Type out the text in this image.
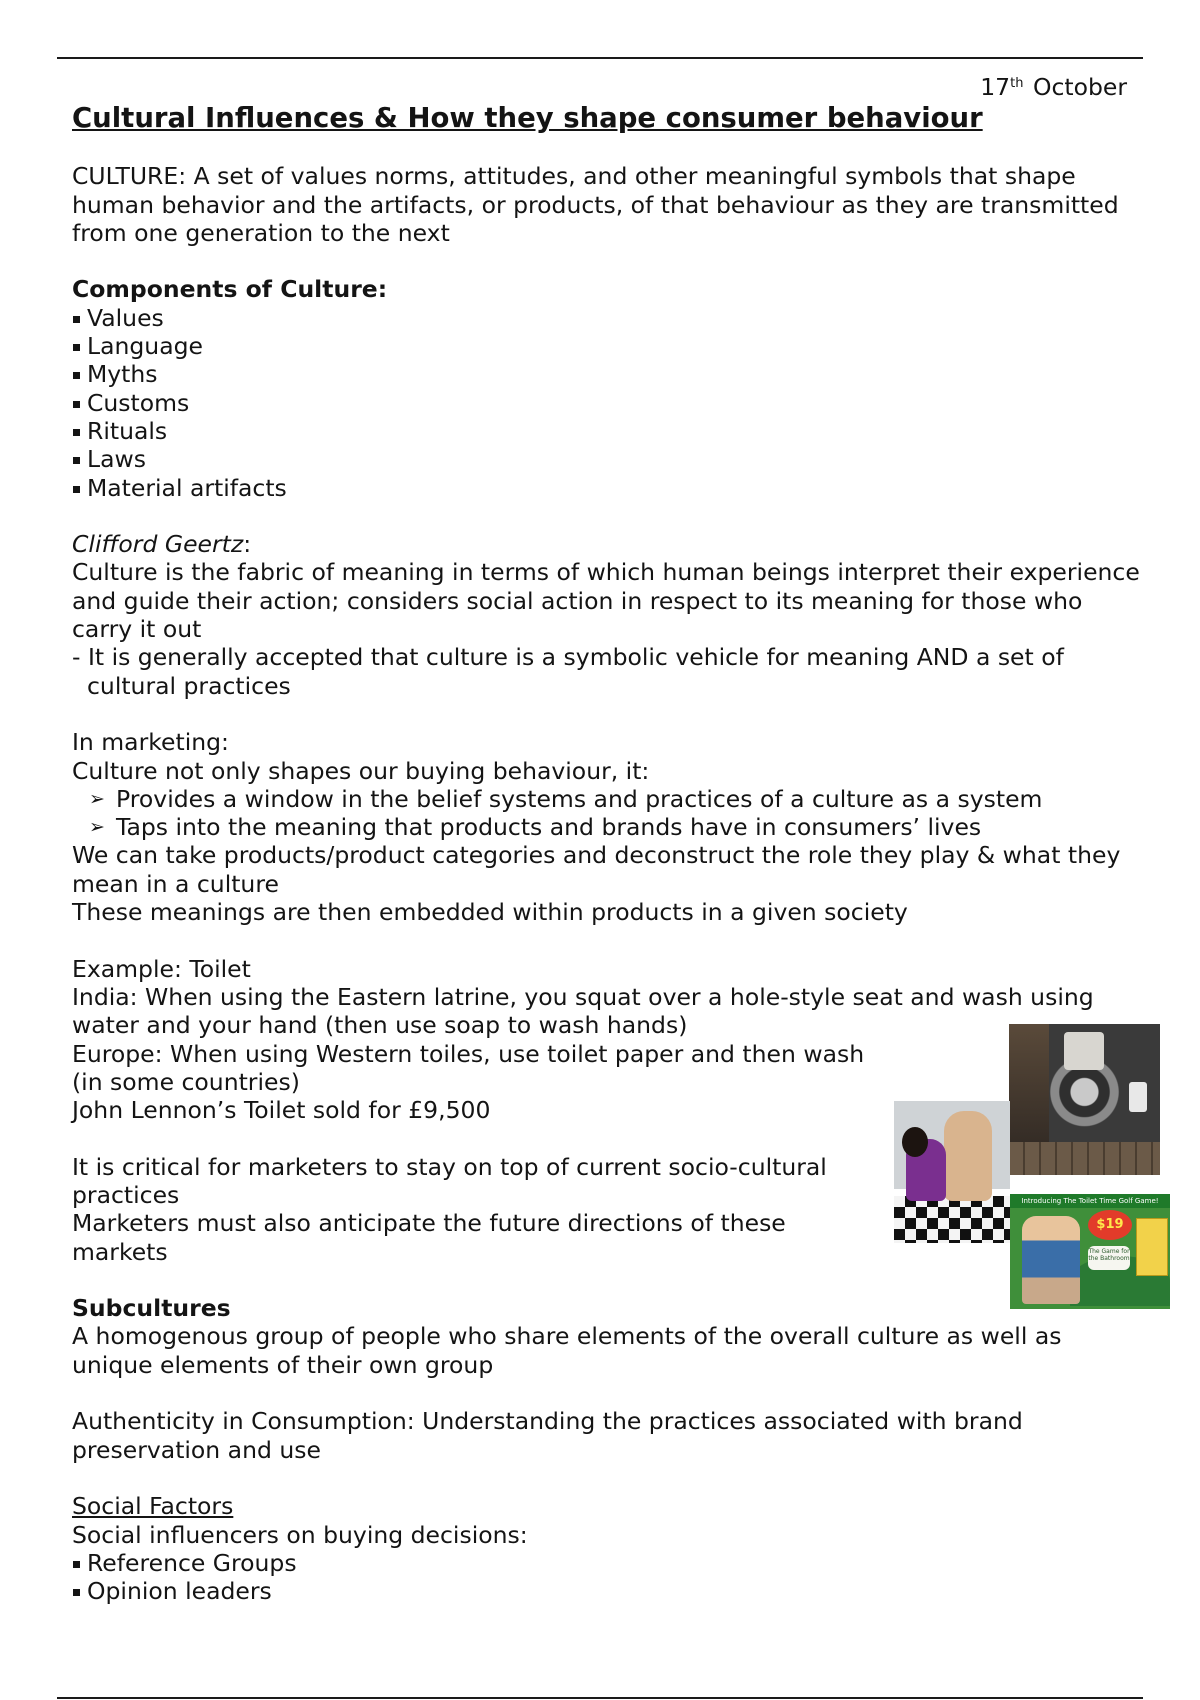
17th October
Cultural Influences & How they shape consumer behaviour

CULTURE: A set of values norms, attitudes, and other meaningful symbols that shape human behavior and the artifacts, or products, of that behaviour as they are transmitted from one generation to the next

Components of Culture:

Values
Language
Myths
Customs
Rituals
Laws
Material artifacts

Clifford Geertz:

Culture is the fabric of meaning in terms of which human beings interpret their experience and guide their action; considers social action in respect to its meaning for those who carry it out

- It is generally accepted that culture is a symbolic vehicle for meaning AND a set of cultural practices

In marketing:

Culture not only shapes our buying behaviour, it:

➢ Provides a window in the belief systems and practices of a culture as a system
➢ Taps into the meaning that products and brands have in consumers’ lives

We can take products/product categories and deconstruct the role they play & what they mean in a culture

These meanings are then embedded within products in a given society

Example: Toilet

India: When using the Eastern latrine, you squat over a hole-style seat and wash using water and your hand (then use soap to wash hands)

Europe: When using Western toiles, use toilet paper and then wash (in some countries)

John Lennon’s Toilet sold for £9,500

It is critical for marketers to stay on top of current socio-cultural practices

Marketers must also anticipate the future directions of these markets

Subcultures

A homogenous group of people who share elements of the overall culture as well as unique elements of their own group

Authenticity in Consumption: Understanding the practices associated with brand preservation and use

Social Factors

Social influencers on buying decisions:

Reference Groups
Opinion leaders
Introducing The Toilet Time Golf Game!
$19
The Game for the Bathroom
